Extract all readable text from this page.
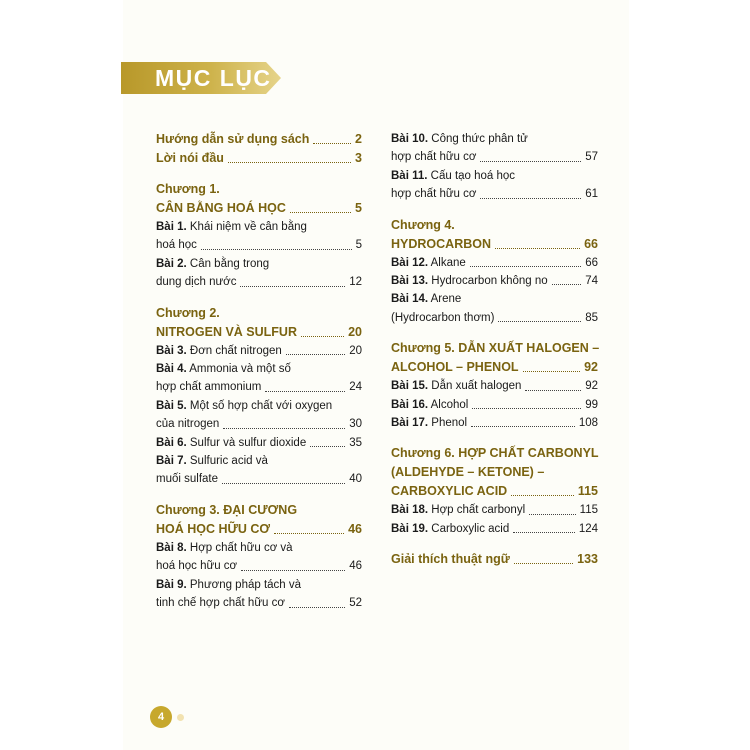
MỤC LỤC
Hướng dẫn sử dụng sách	2
Lời nói đầu	3
Chương 1.
CÂN BẰNG HOÁ HỌC	5
Bài 1. Khái niệm về cân bằng
hoá học	5
Bài 2. Cân bằng trong
dung dịch nước	12
Chương 2.
NITROGEN VÀ SULFUR	20
Bài 3. Đơn chất nitrogen	20
Bài 4. Ammonia và một số
hợp chất ammonium	24
Bài 5. Một số hợp chất với oxygen
của nitrogen	30
Bài 6. Sulfur và sulfur dioxide	35
Bài 7. Sulfuric acid và
muối sulfate	40
Chương 3. ĐẠI CƯƠNG
HOÁ HỌC HỮU CƠ	46
Bài 8. Hợp chất hữu cơ và
hoá học hữu cơ	46
Bài 9. Phương pháp tách và
tinh chế hợp chất hữu cơ	52
Bài 10. Công thức phân tử
hợp chất hữu cơ	57
Bài 11. Cấu tạo hoá học
hợp chất hữu cơ	61
Chương 4.
HYDROCARBON	66
Bài 12. Alkane	66
Bài 13. Hydrocarbon không no	74
Bài 14. Arene
(Hydrocarbon thơm)	85
Chương 5. DẪN XUẤT HALOGEN –
ALCOHOL – PHENOL	92
Bài 15. Dẫn xuất halogen	92
Bài 16. Alcohol	99
Bài 17. Phenol	108
Chương 6. HỢP CHẤT CARBONYL
(ALDEHYDE – KETONE) –
CARBOXYLIC ACID	115
Bài 18. Hợp chất carbonyl	115
Bài 19. Carboxylic acid	124
Giải thích thuật ngữ	133
4
